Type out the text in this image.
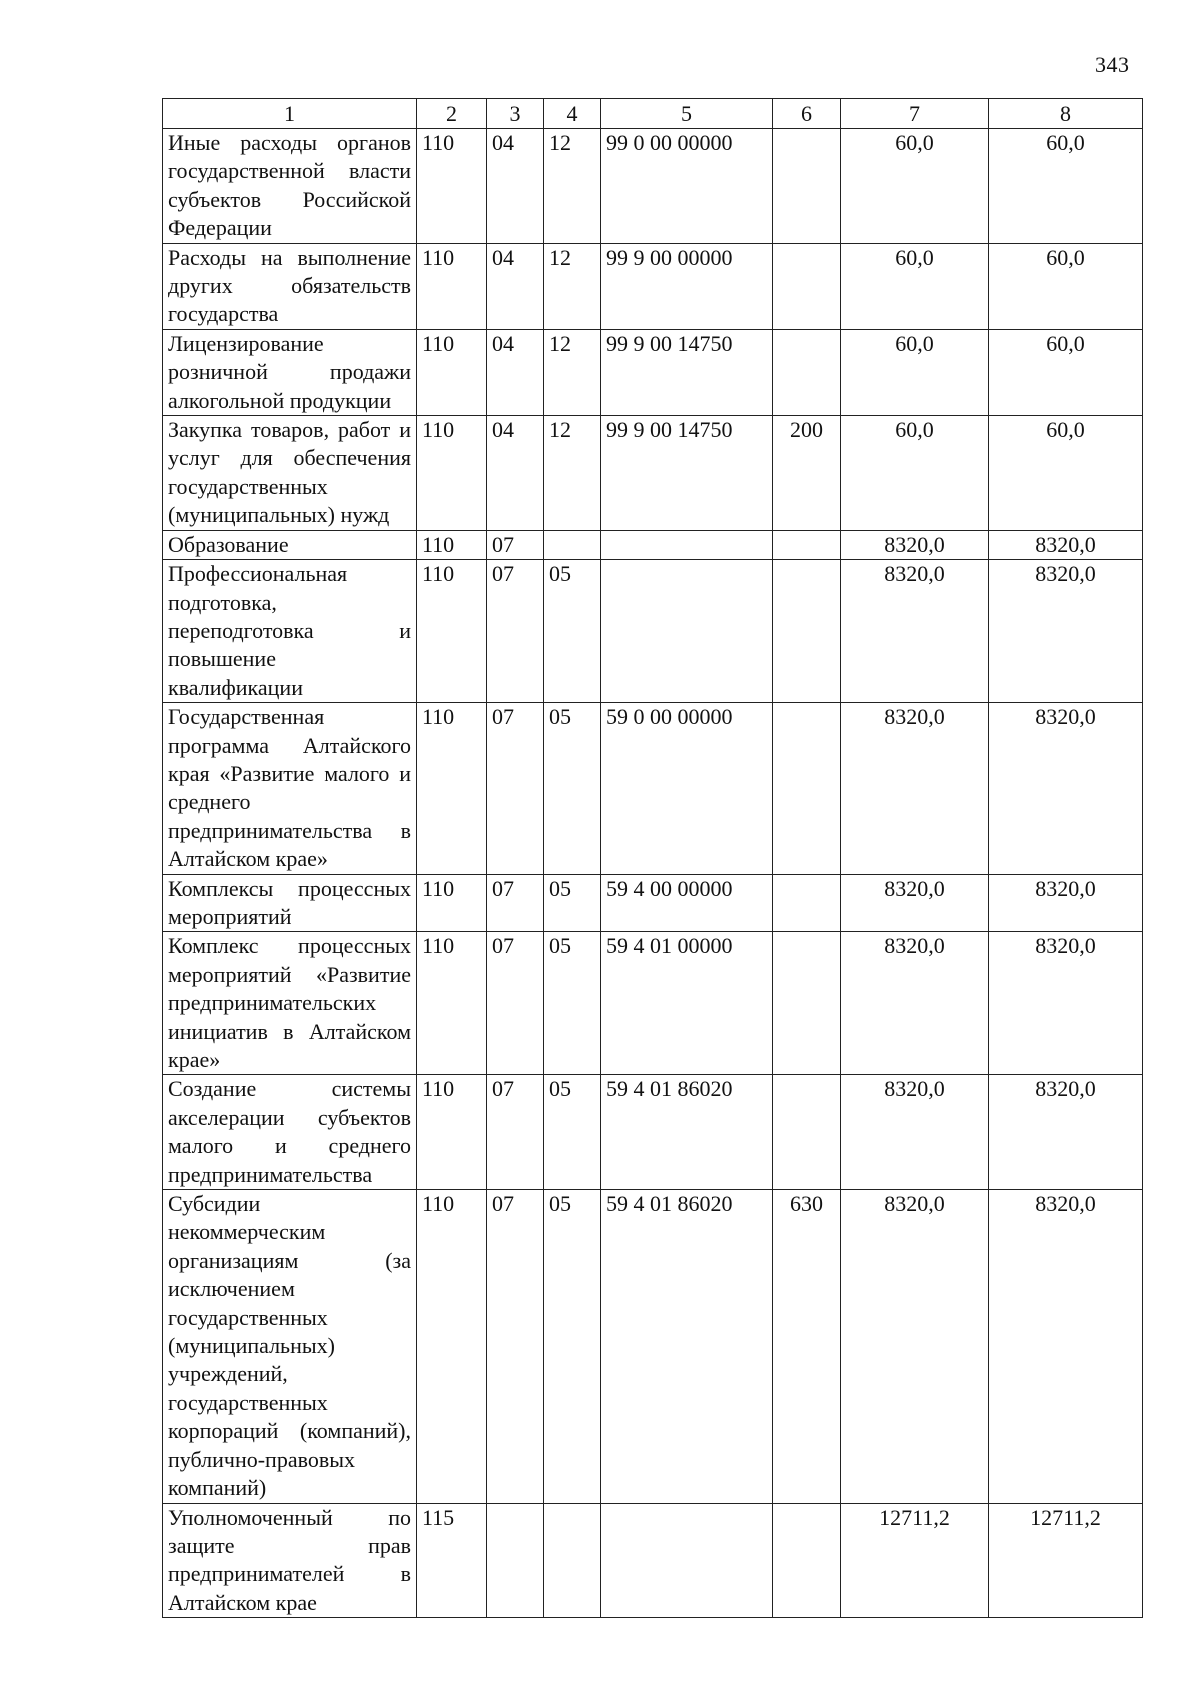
343
1	2	3	4	5	6	7	8
Иные расходы органов государственной власти субъектов Российской Федерации	110	04	12	99 0 00 00000		60,0	60,0
Расходы на выполнение других обязательств государства	110	04	12	99 9 00 00000		60,0	60,0
Лицензирование розничной продажи алкогольной продукции	110	04	12	99 9 00 14750		60,0	60,0
Закупка товаров, работ и услуг для обеспечения государственных (муниципальных) нужд	110	04	12	99 9 00 14750	200	60,0	60,0
Образование	110	07				8320,0	8320,0
Профессиональная подготовка, переподготовка и повышение квалификации	110	07	05			8320,0	8320,0
Государственная программа Алтайского края «Развитие малого и среднего предпринимательства в Алтайском крае»	110	07	05	59 0 00 00000		8320,0	8320,0
Комплексы процессных мероприятий	110	07	05	59 4 00 00000		8320,0	8320,0
Комплекс процессных мероприятий «Развитие предпринимательских инициатив в Алтайском крае»	110	07	05	59 4 01 00000		8320,0	8320,0
Создание системы акселерации субъектов малого и среднего предпринимательства	110	07	05	59 4 01 86020		8320,0	8320,0
Субсидии некоммерческим организациям (за исключением государственных (муниципальных) учреждений, государственных корпораций (компаний), публично-правовых компаний)	110	07	05	59 4 01 86020	630	8320,0	8320,0
Уполномоченный по защите прав предпринимателей в Алтайском крае	115					12711,2	12711,2
